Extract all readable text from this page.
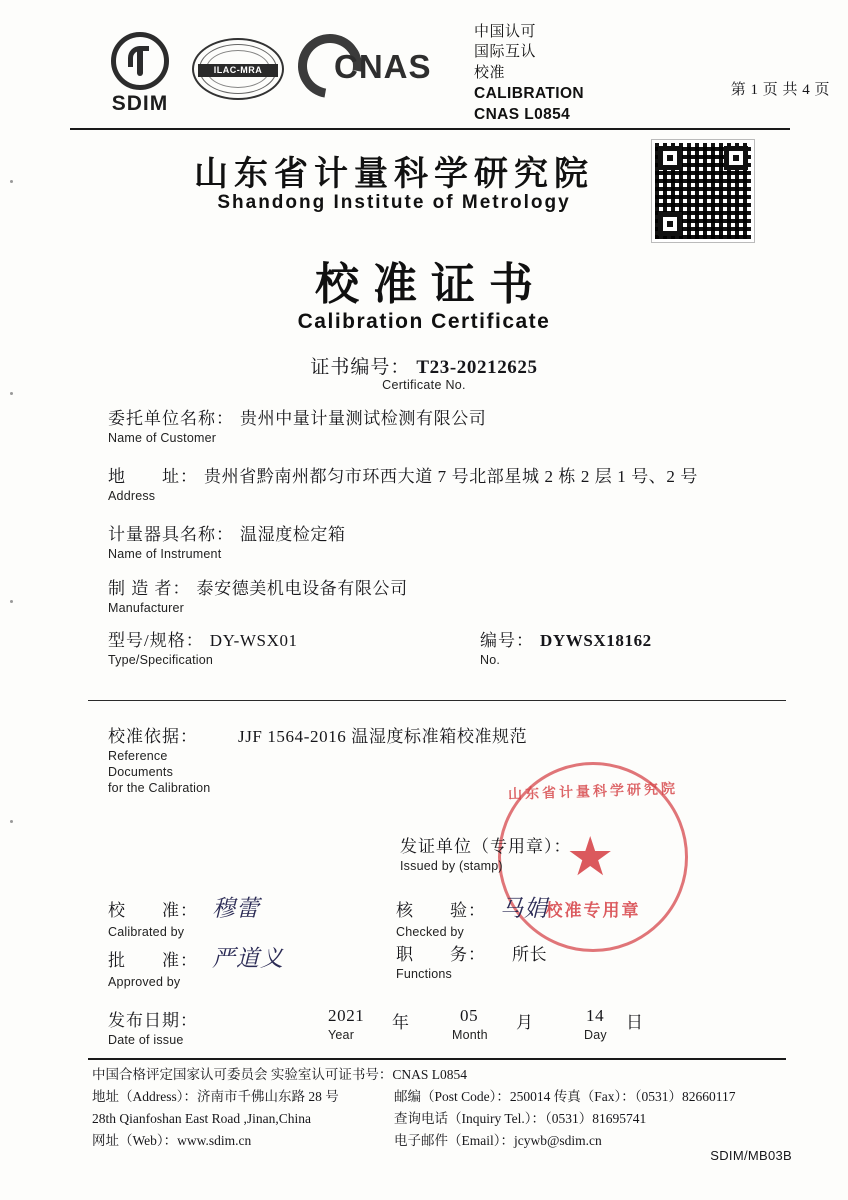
SDIM
ILAC-MRA	CNAS
中国认可
国际互认
校准
CALIBRATION
CNAS L0854
第 1 页 共 4 页
山东省计量科学研究院
Shandong Institute of Metrology
校准证书
Calibration Certificate
证书编号： T23-20212625
Certificate No.
委托单位名称： 贵州中量计量测试检测有限公司
Name of Customer
地　　址： 贵州省黔南州都匀市环西大道 7 号北部星城 2 栋 2 层 1 号、2 号
Address
计量器具名称： 温湿度检定箱
Name of Instrument
制 造 者： 泰安德美机电设备有限公司
Manufacturer
型号/规格： DY-WSX01
Type/Specification
编号： DYWSX18162
No.
校准依据： JJF 1564-2016 温湿度标准箱校准规范
Reference
Documents
for the Calibration	山东省计量科学研究院
校准专用章
发证单位（专用章）：
Issued by (stamp)
校　　准： 穆蕾
Calibrated by
核　　验： 马娟
Checked by
批　　准： 严道义
Approved by
职　　务： 所长
Functions
发布日期：
Date of issue
2021
Year
年	05
Month
月	14
Day
日
中国合格评定国家认可委员会 实验室认可证书号：CNAS L0854
地址（Address）：济南市千佛山东路 28 号	邮编（Post Code）：250014 传真（Fax）：（0531）82660117
28th Qianfoshan East Road ,Jinan,China	查询电话（Inquiry Tel.）：（0531）81695741
网址（Web）：www.sdim.cn	电子邮件（Email）：jcywb@sdim.cn
SDIM/MB03B
